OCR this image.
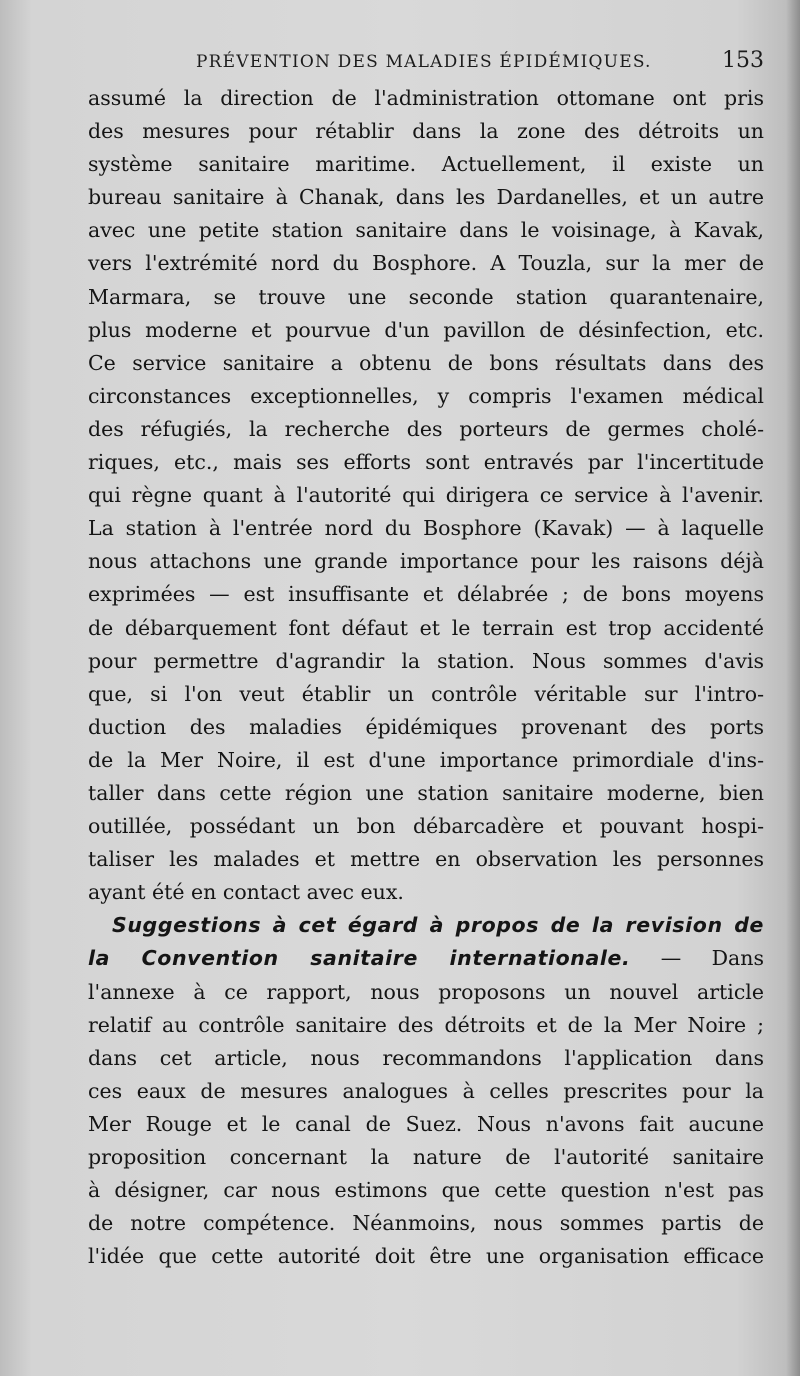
PRÉVENTION DES MALADIES ÉPIDÉMIQUES.	153
assumé la direction de l'administration ottomane ont pris
des mesures pour rétablir dans la zone des détroits un
système sanitaire maritime. Actuellement, il existe un
bureau sanitaire à Chanak, dans les Dardanelles, et un autre
avec une petite station sanitaire dans le voisinage, à Kavak,
vers l'extrémité nord du Bosphore. A Touzla, sur la mer de
Marmara, se trouve une seconde station quarantenaire,
plus moderne et pourvue d'un pavillon de désinfection, etc.
Ce service sanitaire a obtenu de bons résultats dans des
circonstances exceptionnelles, y compris l'examen médical
des réfugiés, la recherche des porteurs de germes cholé-
riques, etc., mais ses efforts sont entravés par l'incertitude
qui règne quant à l'autorité qui dirigera ce service à l'avenir.
La station à l'entrée nord du Bosphore (Kavak) — à laquelle
nous attachons une grande importance pour les raisons déjà
exprimées — est insuffisante et délabrée ; de bons moyens
de débarquement font défaut et le terrain est trop accidenté
pour permettre d'agrandir la station. Nous sommes d'avis
que, si l'on veut établir un contrôle véritable sur l'intro-
duction des maladies épidémiques provenant des ports
de la Mer Noire, il est d'une importance primordiale d'ins-
taller dans cette région une station sanitaire moderne, bien
outillée, possédant un bon débarcadère et pouvant hospi-
taliser les malades et mettre en observation les personnes
ayant été en contact avec eux.
Suggestions à cet égard à propos de la revision de
la Convention sanitaire internationale. — Dans
l'annexe à ce rapport, nous proposons un nouvel article
relatif au contrôle sanitaire des détroits et de la Mer Noire ;
dans cet article, nous recommandons l'application dans
ces eaux de mesures analogues à celles prescrites pour la
Mer Rouge et le canal de Suez. Nous n'avons fait aucune
proposition concernant la nature de l'autorité sanitaire
à désigner, car nous estimons que cette question n'est pas
de notre compétence. Néanmoins, nous sommes partis de
l'idée que cette autorité doit être une organisation efficace
